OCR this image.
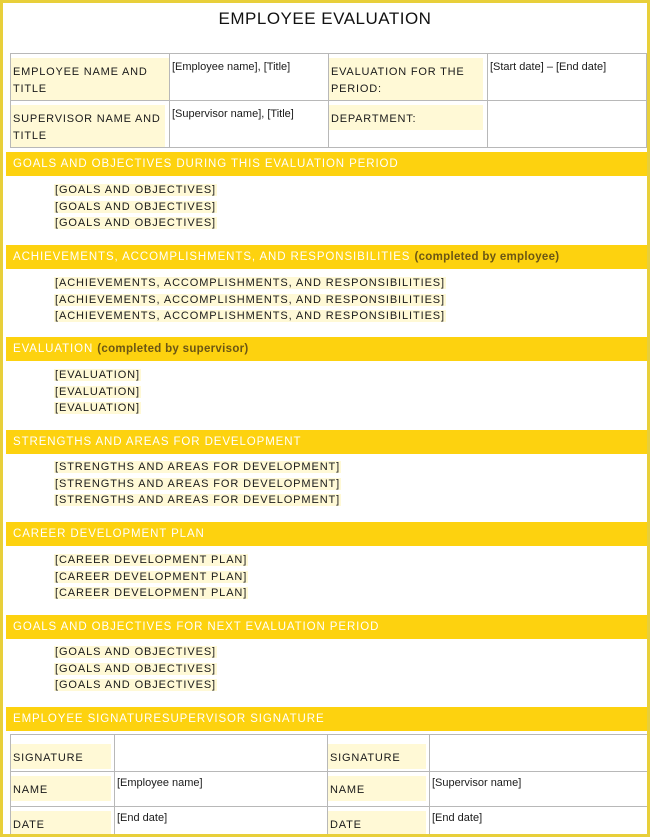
EMPLOYEE EVALUATION
EMPLOYEE NAME AND TITLE	[Employee name], [Title]	EVALUATION FOR THE PERIOD:	[Start date] – [End date]

SUPERVISOR NAME AND TITLE	[Supervisor name], [Title]	DEPARTMENT:	
GOALS AND OBJECTIVES DURING THIS EVALUATION PERIOD
[GOALS AND OBJECTIVES]
[GOALS AND OBJECTIVES]
[GOALS AND OBJECTIVES]
ACHIEVEMENTS, ACCOMPLISHMENTS, AND RESPONSIBILITIES (completed by employee)
[ACHIEVEMENTS, ACCOMPLISHMENTS, AND RESPONSIBILITIES]
[ACHIEVEMENTS, ACCOMPLISHMENTS, AND RESPONSIBILITIES]
[ACHIEVEMENTS, ACCOMPLISHMENTS, AND RESPONSIBILITIES]
EVALUATION (completed by supervisor)
[EVALUATION]
[EVALUATION]
[EVALUATION]
STRENGTHS AND AREAS FOR DEVELOPMENT
[STRENGTHS AND AREAS FOR DEVELOPMENT]
[STRENGTHS AND AREAS FOR DEVELOPMENT]
[STRENGTHS AND AREAS FOR DEVELOPMENT]
CAREER DEVELOPMENT PLAN
[CAREER DEVELOPMENT PLAN]
[CAREER DEVELOPMENT PLAN]
[CAREER DEVELOPMENT PLAN]
GOALS AND OBJECTIVES FOR NEXT EVALUATION PERIOD
[GOALS AND OBJECTIVES]
[GOALS AND OBJECTIVES]
[GOALS AND OBJECTIVES]
EMPLOYEE SIGNATURESUPERVISOR SIGNATURE
SIGNATURE		SIGNATURE	
NAME	[Employee name]	NAME	[Supervisor name]

DATE	[End date]	DATE	[End date]
